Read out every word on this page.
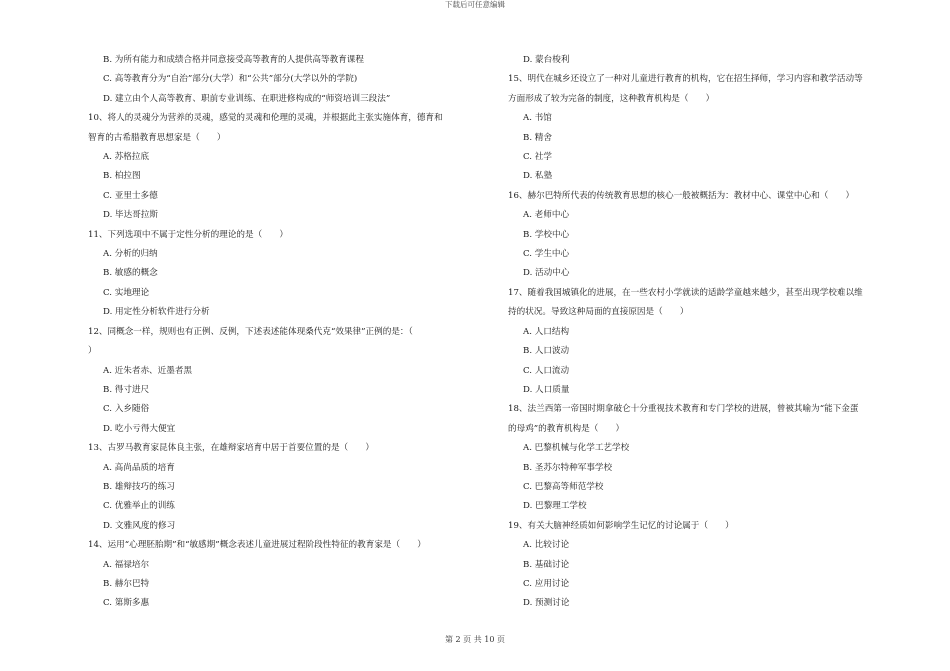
下载后可任意编辑
B. 为所有能力和成绩合格并同意接受高等教育的人提供高等教育课程
C. 高等教育分为“自治”部分(大学）和“公共”部分(大学以外的学院)
D. 建立由个人高等教育、职前专业训练、在职进修构成的“师资培训三段法”
10、将人的灵魂分为营养的灵魂，感觉的灵魂和伦理的灵魂，并根据此主张实施体育，德育和
智育的古希腊教育思想家是（　　）
A. 苏格拉底
B. 柏拉图
C. 亚里士多德
D. 毕达哥拉斯
11、下列选项中不属于定性分析的理论的是（　　）
A. 分析的归纳
B. 敏感的概念
C. 实地理论
D. 用定性分析软件进行分析
12、同概念一样，规则也有正例、反例，下述表述能体现桑代克“效果律”正例的是：（
）
A. 近朱者赤、近墨者黑
B. 得寸进尺
C. 入乡随俗
D. 吃小亏得大便宜
13、古罗马教育家昆体良主张，在雄辩家培育中居于首要位置的是（　　）
A. 高尚品质的培育
B. 雄辩技巧的练习
C. 优雅举止的训练
D. 文雅风度的修习
14、运用“心理胚胎期”和“敏感期”概念表述儿童进展过程阶段性特征的教育家是（　　）
A. 福禄培尔
B. 赫尔巴特
C. 第斯多惠
D. 蒙台梭利
15、明代在城乡还设立了一种对儿童进行教育的机构，它在招生择师，学习内容和教学活动等
方面形成了较为完备的制度，这种教育机构是（　　）
A. 书馆
B. 精舍
C. 社学
D. 私塾
16、赫尔巴特所代表的传统教育思想的核心一般被概括为：教材中心、课堂中心和（　　）
A. 老师中心
B. 学校中心
C. 学生中心
D. 活动中心
17、随着我国城镇化的进展，在一些农村小学就读的适龄学童越来越少，甚至出现学校难以维
持的状况。导致这种局面的直接原因是（　　）
A. 人口结构
B. 人口波动
C. 人口流动
D. 人口质量
18、法兰西第一帝国时期拿破仑十分重视技术教育和专门学校的进展，曾被其喻为“能下金蛋
的母鸡”的教育机构是（　　）
A. 巴黎机械与化学工艺学校
B. 圣苏尔特种军事学校
C. 巴黎高等师范学校
D. 巴黎理工学校
19、有关大脑神经质如何影响学生记忆的讨论属于（　　）
A. 比较讨论
B. 基础讨论
C. 应用讨论
D. 预测讨论
第 2 页 共 10 页
